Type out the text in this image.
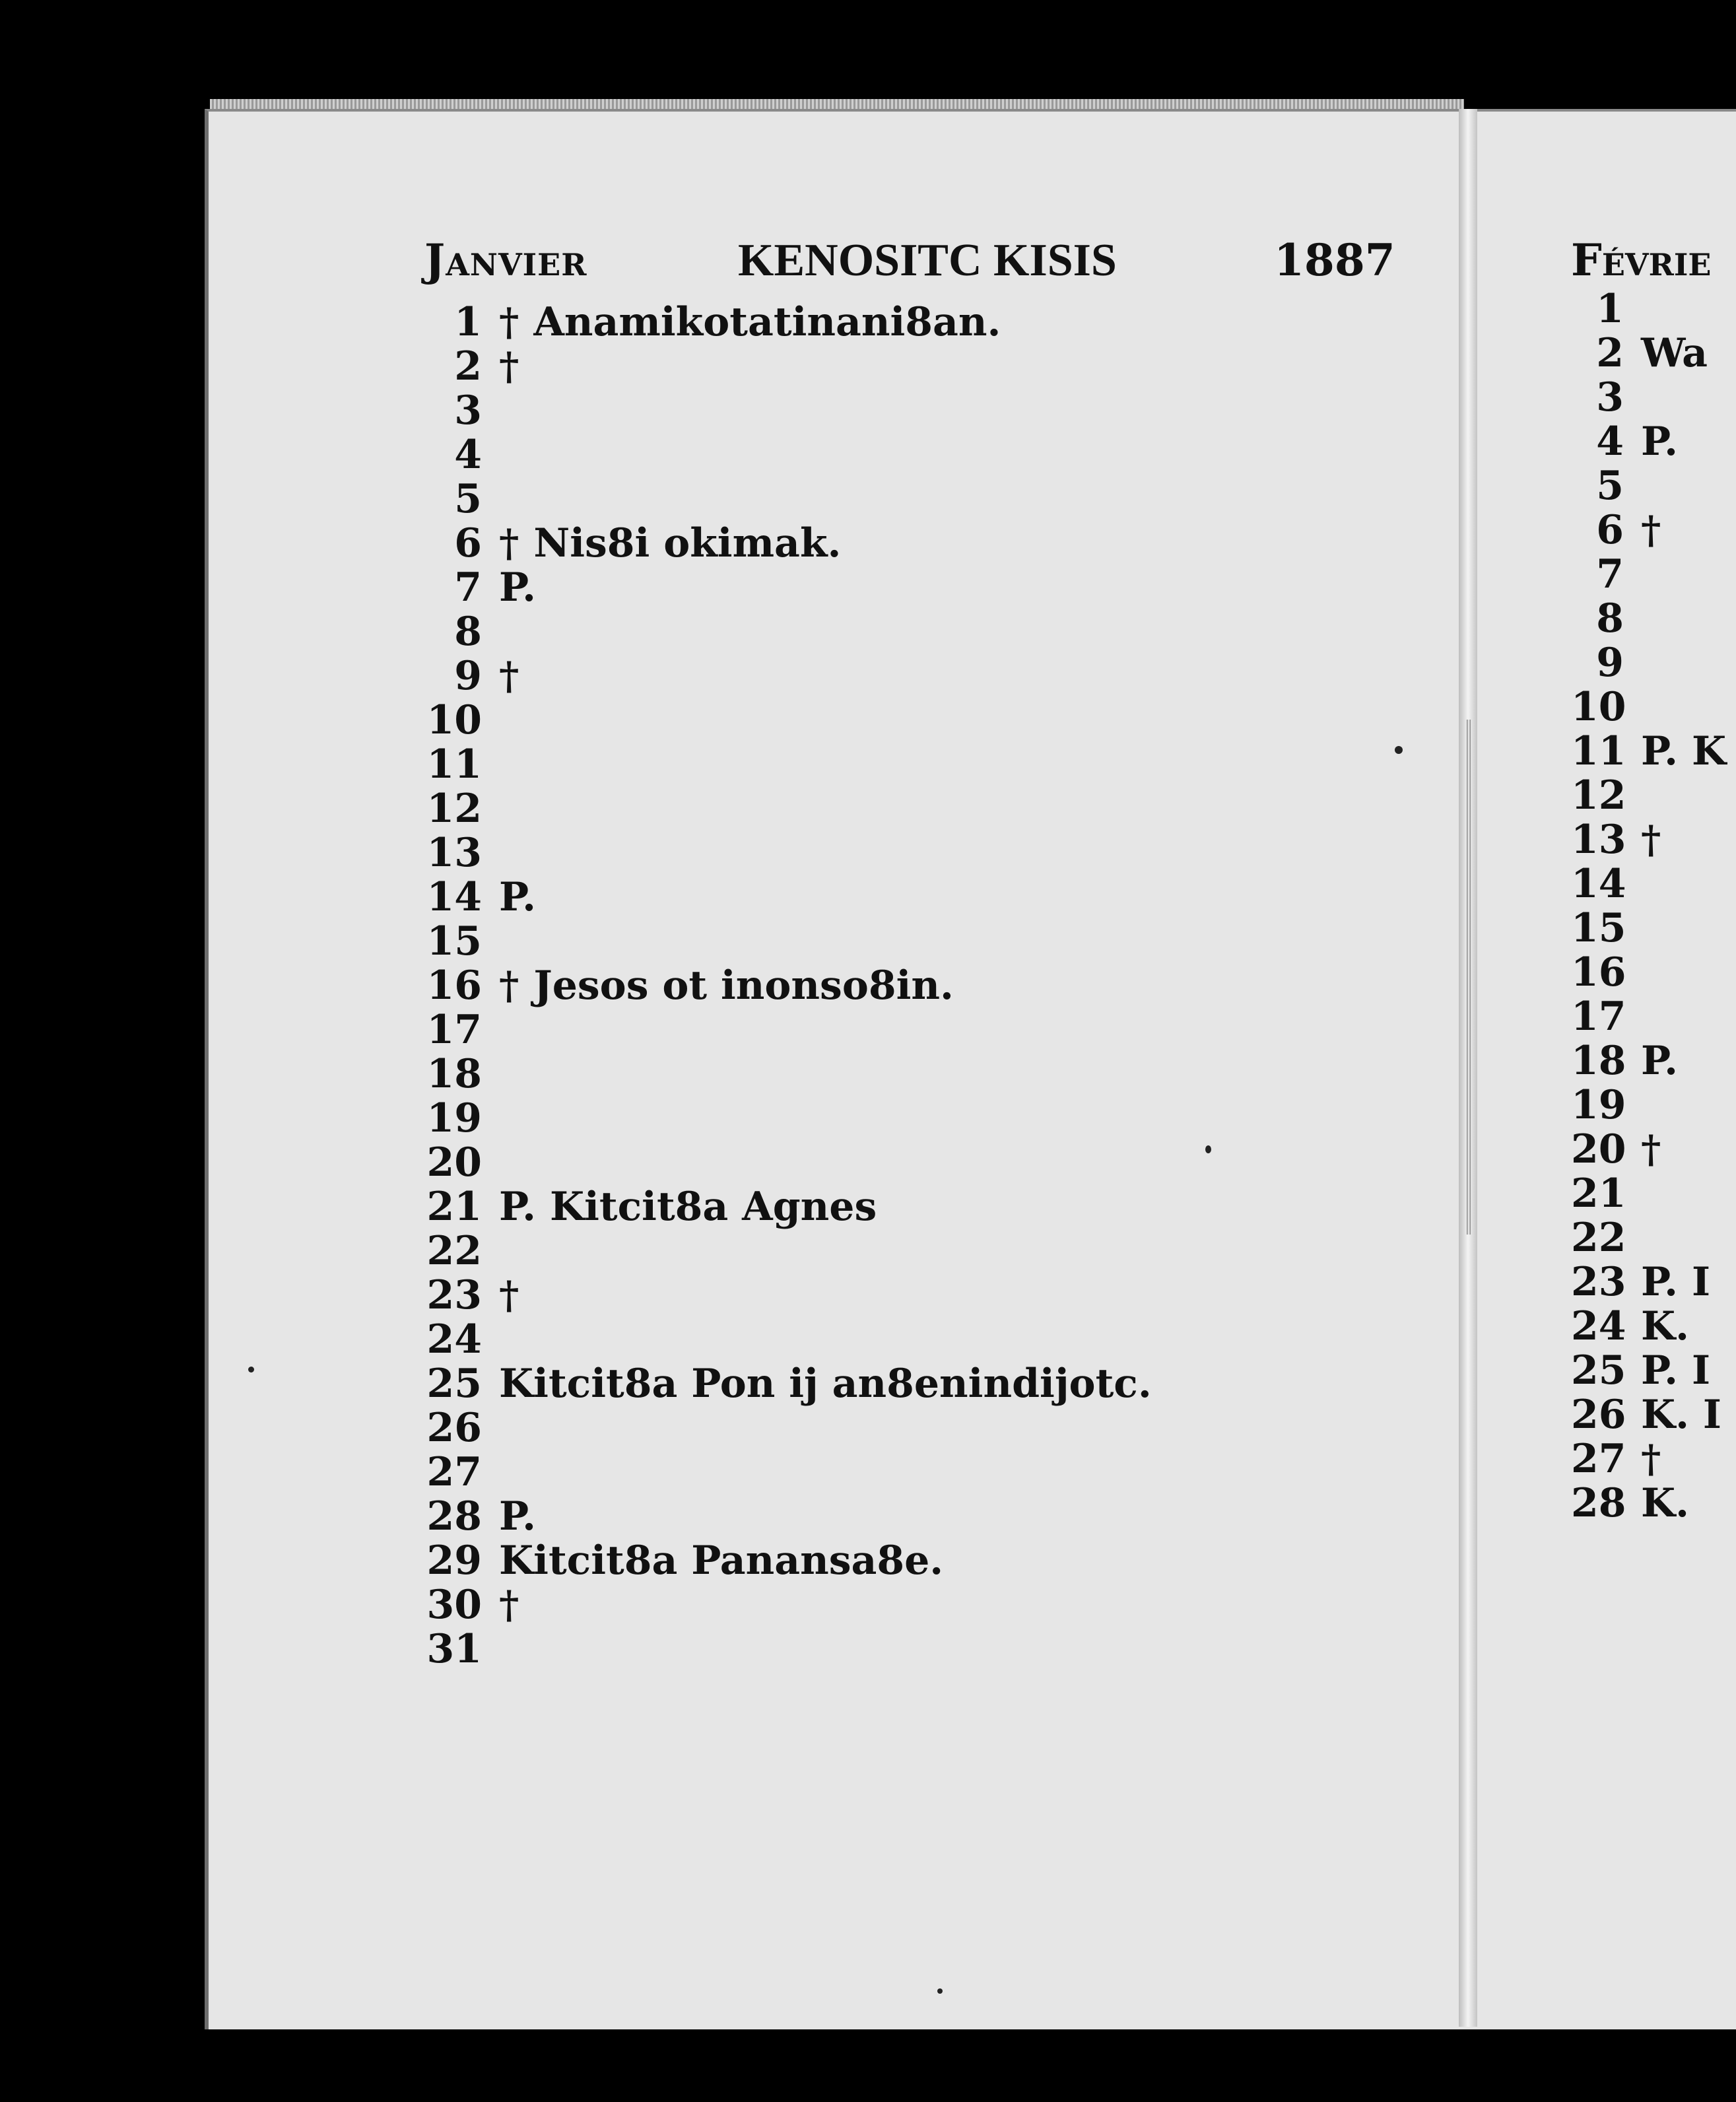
Janvier	KENOSITC KISIS	1887	Févrie
1 † Anamikotatinani8an.
2 †
3
4
5
6 † Nis8i okimak.
7 P.
8
9 †
10
11
12
13
14 P.
15
16 † Jesos ot inonso8in.
17
18
19
20
21 P. Kitcit8a Agnes
22
23 †
24
25 Kitcit8a Pon ij an8enindijotc.
26
27
28 P.
29 Kitcit8a Panansa8e.
30 †
31
1
2 Wa
3
4 P.
5
6 †
7
8
9
10
11 P. K
12
13 †
14
15
16
17
18 P.
19
20 †
21
22
23 P. I
24 K.
25 P. I
26 K. I
27 †
28 K.
